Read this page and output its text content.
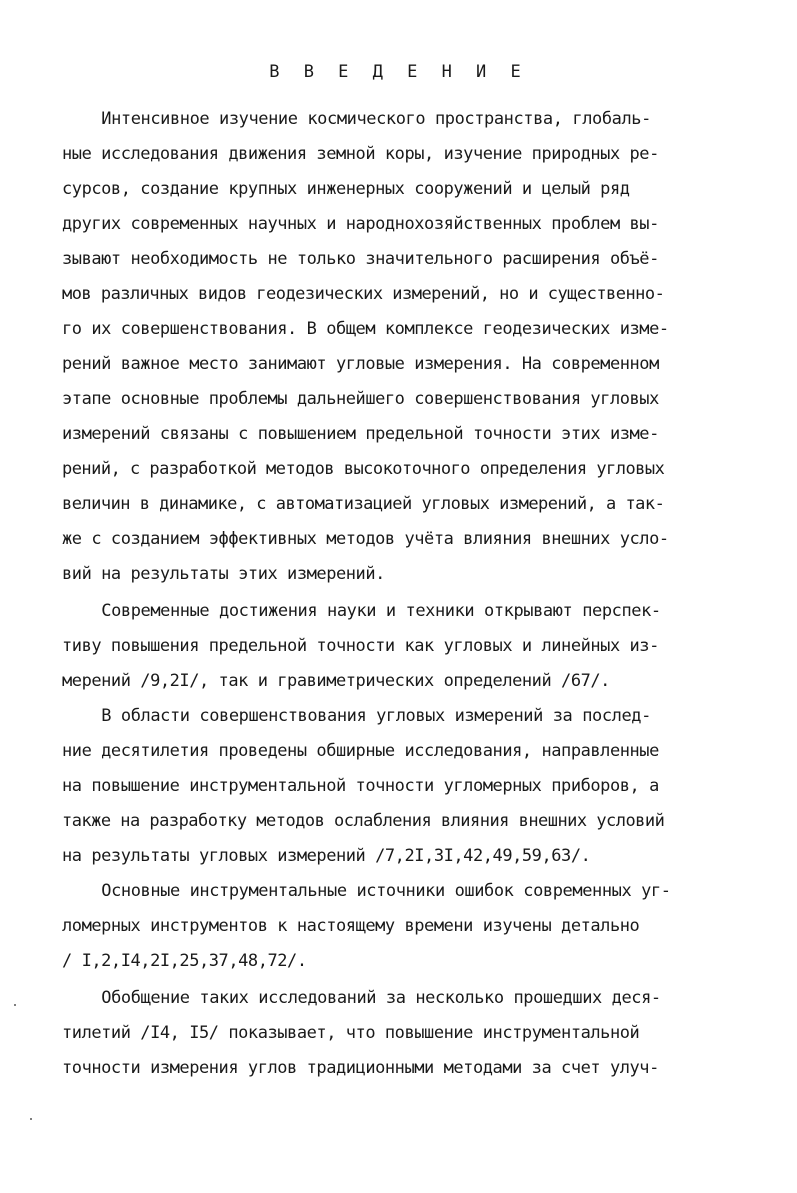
В В Е Д Е Н И Е
Интенсивное изучение космического пространства, глобаль-
ные исследования движения земной коры, изучение природных ре-
сурсов, создание крупных инженерных сооружений и целый ряд
других современных научных и народнохозяйственных проблем вы-
зывают необходимость не только значительного расширения объё-
мов различных видов геодезических измерений, но и существенно-
го их совершенствования. В общем комплексе геодезических изме-
рений важное место занимают угловые измерения. На современном
этапе основные проблемы дальнейшего совершенствования угловых
измерений связаны с повышением предельной точности этих изме-
рений, с разработкой методов высокоточного определения угловых
величин в динамике, с автоматизацией угловых измерений, а так-
же с созданием эффективных методов учёта влияния внешних усло-
вий на результаты этих измерений.
Современные достижения науки и техники открывают перспек-
тиву повышения предельной точности как угловых и линейных из-
мерений /9,2I/, так и гравиметрических определений /67/.
В области совершенствования угловых измерений за послед-
ние десятилетия проведены обширные исследования, направленные
на повышение инструментальной точности угломерных приборов, а
также на разработку методов ослабления влияния внешних условий
на результаты угловых измерений /7,2I,3I,42,49,59,63/.
Основные инструментальные источники ошибок современных уг-
ломерных инструментов к настоящему времени изучены детально
/ I,2,I4,2I,25,37,48,72/.
Обобщение таких исследований за несколько прошедших деся-
тилетий /I4, I5/ показывает, что повышение инструментальной
точности измерения углов традиционными методами за счет улуч-
